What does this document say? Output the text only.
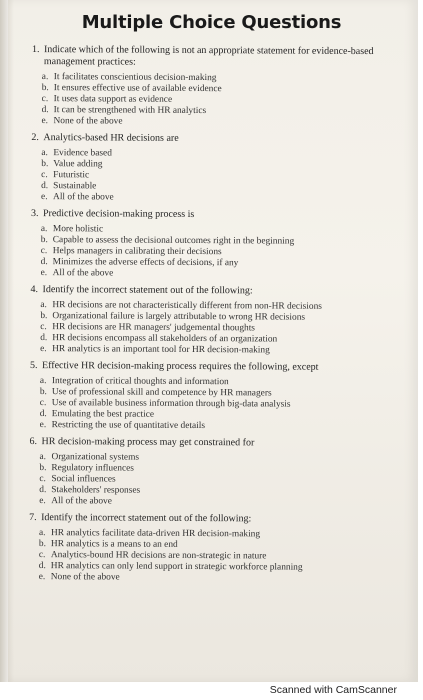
Multiple Choice Questions
1. Indicate which of the following is not an appropriate statement for evidence-based management practices:
a. It facilitates conscientious decision-making
b. It ensures effective use of available evidence
c. It uses data support as evidence
d. It can be strengthened with HR analytics
e. None of the above
2. Analytics-based HR decisions are
a. Evidence based
b. Value adding
c. Futuristic
d. Sustainable
e. All of the above
3. Predictive decision-making process is
a. More holistic
b. Capable to assess the decisional outcomes right in the beginning
c. Helps managers in calibrating their decisions
d. Minimizes the adverse effects of decisions, if any
e. All of the above
4. Identify the incorrect statement out of the following:
a. HR decisions are not characteristically different from non-HR decisions
b. Organizational failure is largely attributable to wrong HR decisions
c. HR decisions are HR managers' judgemental thoughts
d. HR decisions encompass all stakeholders of an organization
e. HR analytics is an important tool for HR decision-making
5. Effective HR decision-making process requires the following, except
a. Integration of critical thoughts and information
b. Use of professional skill and competence by HR managers
c. Use of available business information through big-data analysis
d. Emulating the best practice
e. Restricting the use of quantitative details
6. HR decision-making process may get constrained for
a. Organizational systems
b. Regulatory influences
c. Social influences
d. Stakeholders' responses
e. All of the above
7. Identify the incorrect statement out of the following:
a. HR analytics facilitate data-driven HR decision-making
b. HR analytics is a means to an end
c. Analytics-bound HR decisions are non-strategic in nature
d. HR analytics can only lend support in strategic workforce planning
e. None of the above
Scanned with CamScanner
